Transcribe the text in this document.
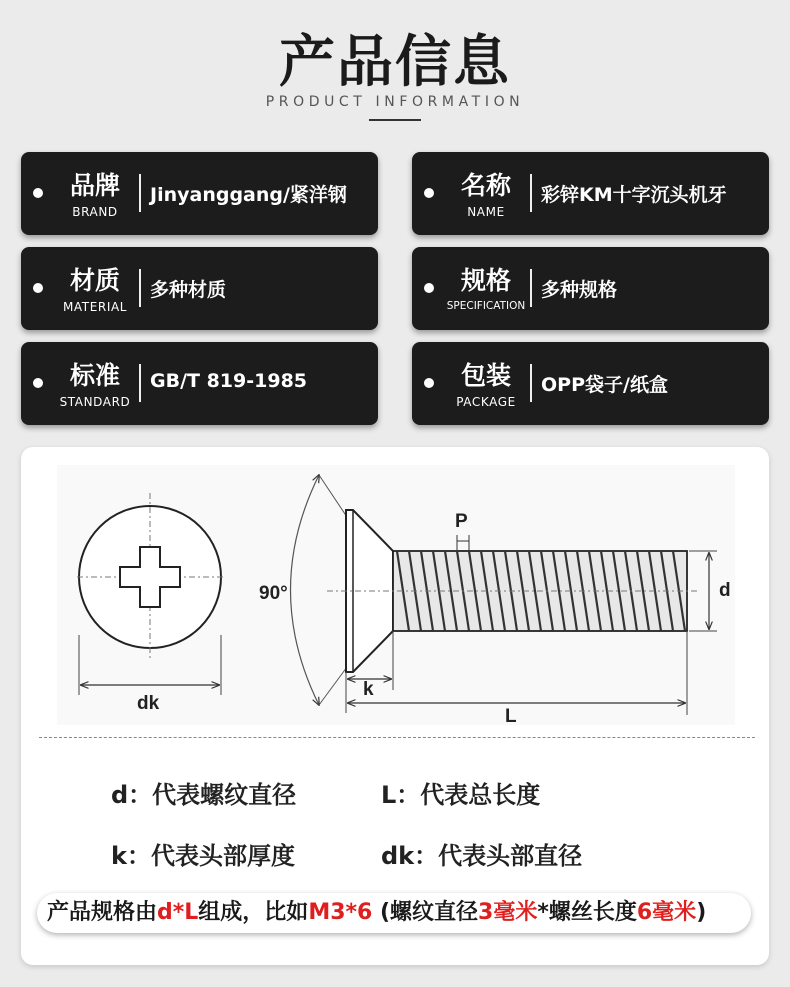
产品信息
PRODUCT INFORMATION
品牌
BRAND
Jinyanggang/紧洋钢	名称
NAME
彩锌KM十字沉头机牙
材质
MATERIAL
多种材质	规格
SPECIFICATION
多种规格
标准
STANDARD
GB/T 819-1985	包装
PACKAGE
OPP袋子/纸盒
dk
P
90°	d
k
L
d：代表螺纹直径	L：代表总长度
k：代表头部厚度	dk：代表头部直径
产品规格由d*L组成，比如M3*6 (螺纹直径3毫米*螺丝长度6毫米)
